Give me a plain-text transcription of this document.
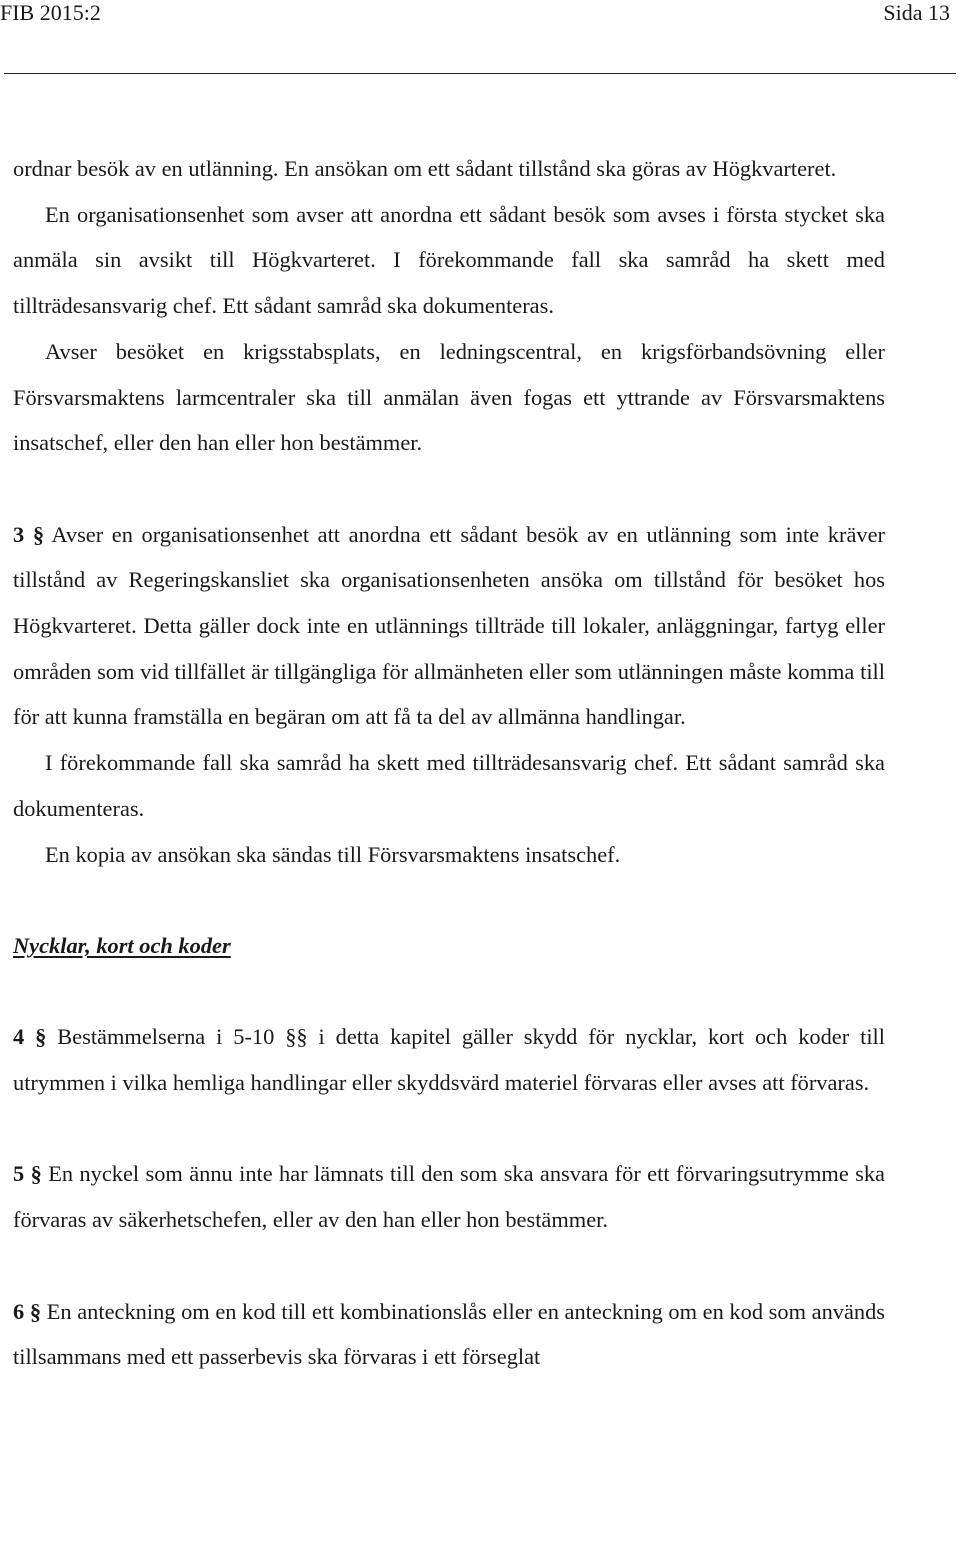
FIB 2015:2	Sida 13

ordnar besök av en utlänning. En ansökan om ett sådant tillstånd ska göras av Högkvarteret.

En organisationsenhet som avser att anordna ett sådant besök som avses i första stycket ska anmäla sin avsikt till Högkvarteret. I förekommande fall ska samråd ha skett med tillträdesansvarig chef. Ett sådant samråd ska dokumenteras.

Avser besöket en krigsstabsplats, en ledningscentral, en krigsförbandsövning eller Försvarsmaktens larmcentraler ska till anmälan även fogas ett yttrande av Försvarsmaktens insatschef, eller den han eller hon bestämmer.

3 § Avser en organisationsenhet att anordna ett sådant besök av en utlänning som inte kräver tillstånd av Regeringskansliet ska organisationsenheten ansöka om tillstånd för besöket hos Högkvarteret. Detta gäller dock inte en utlännings tillträde till lokaler, anläggningar, fartyg eller områden som vid tillfället är tillgängliga för allmänheten eller som utlänningen måste komma till för att kunna framställa en begäran om att få ta del av allmänna handlingar.

I förekommande fall ska samråd ha skett med tillträdesansvarig chef. Ett sådant samråd ska dokumenteras.

En kopia av ansökan ska sändas till Försvarsmaktens insatschef.

Nycklar, kort och koder

4 § Bestämmelserna i 5-10 §§ i detta kapitel gäller skydd för nycklar, kort och koder till utrymmen i vilka hemliga handlingar eller skyddsvärd materiel förvaras eller avses att förvaras.

5 § En nyckel som ännu inte har lämnats till den som ska ansvara för ett förvaringsutrymme ska förvaras av säkerhetschefen, eller av den han eller hon bestämmer.

6 § En anteckning om en kod till ett kombinationslås eller en anteckning om en kod som används tillsammans med ett passerbevis ska förvaras i ett förseglat
